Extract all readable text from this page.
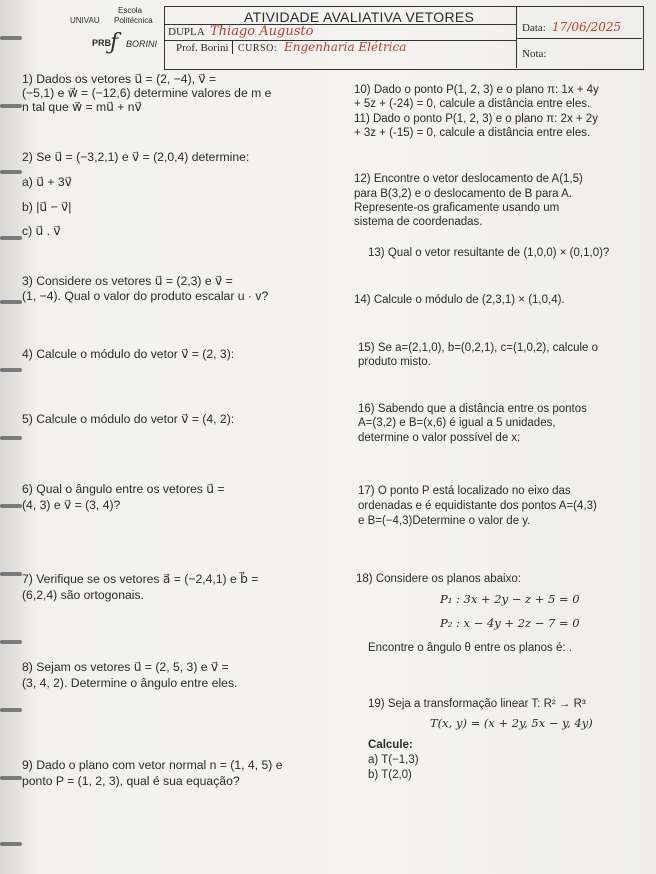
Escola
Politécnica
UNIVAU
PRB
ƒ BORINI
ATIVIDADE AVALIATIVA VETORES
DUPLA Thiago Augusto
Prof. Borini CURSO: Engenharia Elétrica
Data: 17/06/2025
Nota:
1) Dados os vetores u⃗ = (2, −4), v⃗ =
(−5,1) e w⃗ = (−12,6) determine valores de m e
n tal que w⃗ = mu⃗ + nv⃗
2) Se u⃗ = (−3,2,1) e v⃗ = (2,0,4) determine:
a) u⃗ + 3v⃗
b) |u⃗ − v⃗|
c) u⃗ . v⃗
3) Considere os vetores u⃗ = (2,3) e v⃗ =
(1, −4). Qual o valor do produto escalar u · v?
4) Calcule o módulo do vetor v⃗ = (2, 3):
5) Calcule o módulo do vetor v⃗ = (4, 2):
6) Qual o ângulo entre os vetores u⃗ =
(4, 3) e v⃗ = (3, 4)?
7) Verifique se os vetores a⃗ = (−2,4,1) e b⃗ =
(6,2,4) são ortogonais.
8) Sejam os vetores u⃗ = (2, 5, 3) e v⃗ =
(3, 4, 2). Determine o ângulo entre eles.
9) Dado o plano com vetor normal n = (1, 4, 5) e
ponto P = (1, 2, 3), qual é sua equação?
10) Dado o ponto P(1, 2, 3) e o plano π: 1x + 4y
+ 5z + (-24) = 0, calcule a distância entre eles.
11) Dado o ponto P(1, 2, 3) e o plano π: 2x + 2y
+ 3z + (-15) = 0, calcule a distância entre eles.
12) Encontre o vetor deslocamento de A(1,5)
para B(3,2) e o deslocamento de B para A.
Represente-os graficamente usando um
sistema de coordenadas.
13) Qual o vetor resultante de (1,0,0) × (0,1,0)?
14) Calcule o módulo de (2,3,1) × (1,0,4).
15) Se a=(2,1,0), b=(0,2,1), c=(1,0,2), calcule o
produto misto.
16) Sabendo que a distância entre os pontos
A=(3,2) e B=(x,6) é igual a 5 unidades,
determine o valor possível de x:
17) O ponto P está localizado no eixo das
ordenadas e é equidistante dos pontos A=(4,3)
e B=(−4,3)Determine o valor de y.
18) Considere os planos abaixo:
P₁ : 3x + 2y − z + 5 = 0
P₂ : x − 4y + 2z − 7 = 0
Encontre o ângulo θ entre os planos é: .
19) Seja a transformação linear T: R² → R³
T(x, y) = (x + 2y, 5x − y, 4y)
Calcule:
a) T(−1,3)
b) T(2,0)
